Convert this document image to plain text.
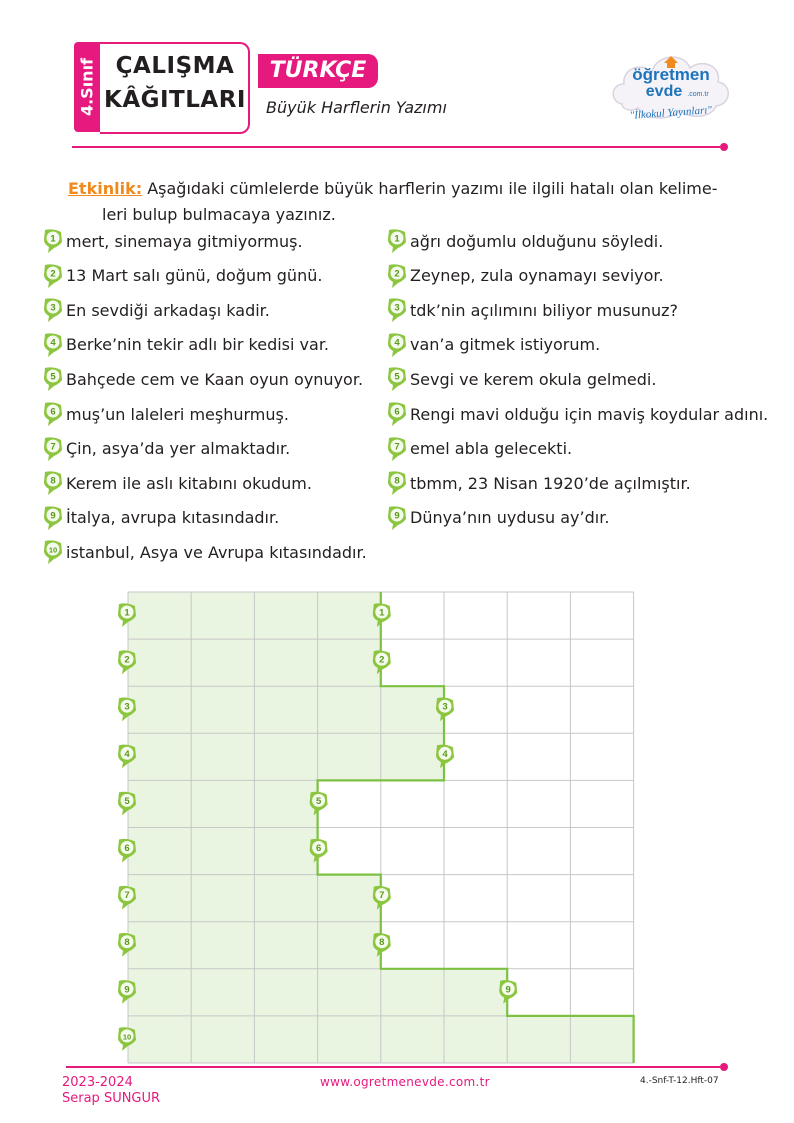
4.Sınıf ÇALIŞMA
KÂĞITLARI
TÜRKÇE
Büyük Harflerin Yazımı
öğretmen
evde .com.tr
"İlkokul Yayınları"
Etkinlik: Aşağıdaki cümlelerde büyük harflerin yazımı ile ilgili hatalı olan kelime-
leri bulup bulmacaya yazınız.
1 mert, sinemaya gitmiyormuş.
2 13 Mart salı günü, doğum günü.
3 En sevdiği arkadaşı kadir.
4 Berke’nin tekir adlı bir kedisi var.
5 Bahçede cem ve Kaan oyun oynuyor.
6 muş’un laleleri meşhurmuş.
7 Çin, asya’da yer almaktadır.
8 Kerem ile aslı kitabını okudum.
9 İtalya, avrupa kıtasındadır.
10 istanbul, Asya ve Avrupa kıtasındadır.
1 ağrı doğumlu olduğunu söyledi.
2 Zeynep, zula oynamayı seviyor.
3 tdk’nin açılımını biliyor musunuz?
4 van’a gitmek istiyorum.
5 Sevgi ve kerem okula gelmedi.
6 Rengi mavi olduğu için maviş koydular adını.
7 emel abla gelecekti.
8 tbmm, 23 Nisan 1920’de açılmıştır.
9 Dünya’nın uydusu ay’dır.
1
2
3
4
5
6
7
8
9
10
1
2
3
4
5
6
7
8
9
2023-2024
Serap SUNGUR
www.ogretmenevde.com.tr	4.-Snf-T-12.Hft-07
